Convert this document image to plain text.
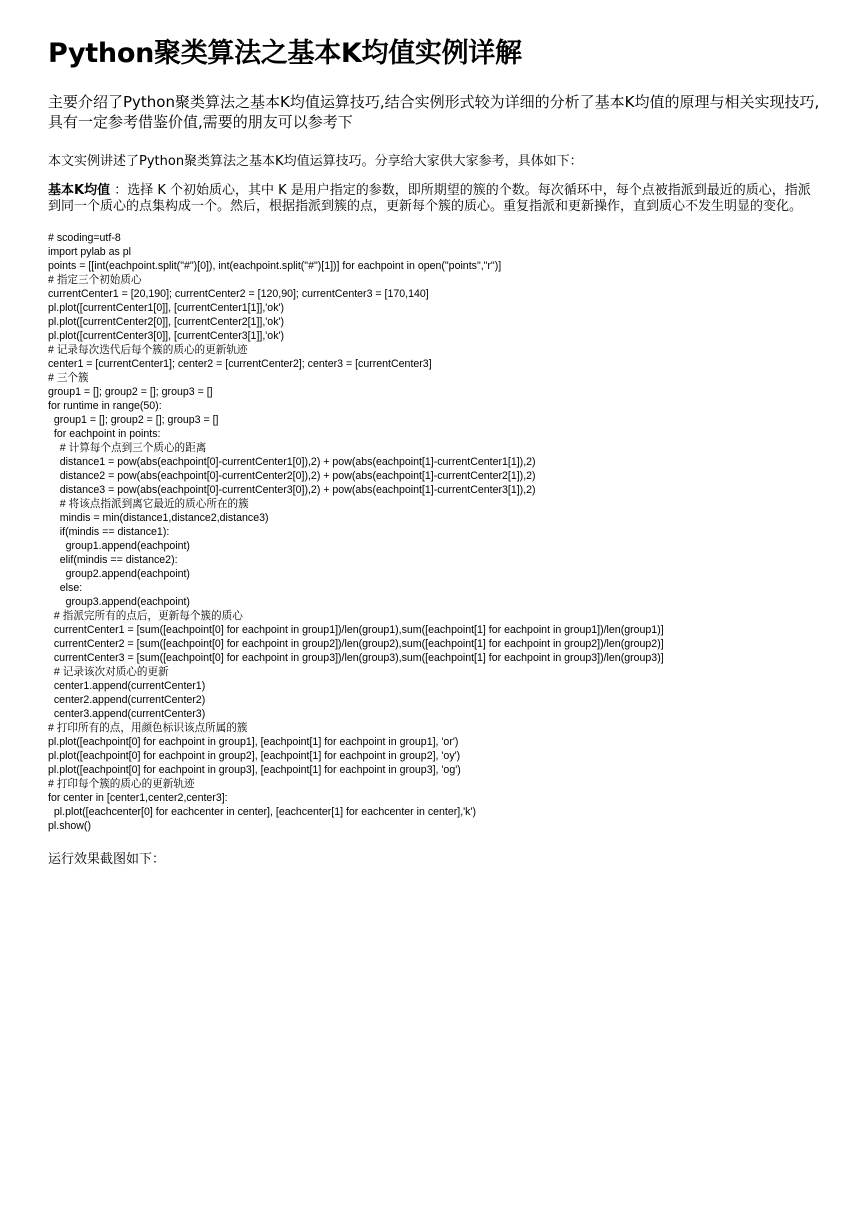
Python聚类算法之基本K均值实例详解

主要介绍了Python聚类算法之基本K均值运算技巧,结合实例形式较为详细的分析了基本K均值的原理与相关实现技巧,具有一定参考借鉴价值,需要的朋友可以参考下

本文实例讲述了Python聚类算法之基本K均值运算技巧。分享给大家供大家参考，具体如下：

基本K均值 ：选择 K 个初始质心，其中 K 是用户指定的参数，即所期望的簇的个数。每次循环中，每个点被指派到最近的质心，指派到同一个质心的点集构成一个。然后，根据指派到簇的点，更新每个簇的质心。重复指派和更新操作，直到质心不发生明显的变化。

# scoding=utf-8
import pylab as pl
points = [[int(eachpoint.split("#")[0]), int(eachpoint.split("#")[1])] for eachpoint in open("points","r")]
# 指定三个初始质心
currentCenter1 = [20,190]; currentCenter2 = [120,90]; currentCenter3 = [170,140]
pl.plot([currentCenter1[0]], [currentCenter1[1]],'ok')
pl.plot([currentCenter2[0]], [currentCenter2[1]],'ok')
pl.plot([currentCenter3[0]], [currentCenter3[1]],'ok')
# 记录每次迭代后每个簇的质心的更新轨迹
center1 = [currentCenter1]; center2 = [currentCenter2]; center3 = [currentCenter3]
# 三个簇
group1 = []; group2 = []; group3 = []
for runtime in range(50):
group1 = []; group2 = []; group3 = []
for eachpoint in points:
# 计算每个点到三个质心的距离
distance1 = pow(abs(eachpoint[0]-currentCenter1[0]),2) + pow(abs(eachpoint[1]-currentCenter1[1]),2)
distance2 = pow(abs(eachpoint[0]-currentCenter2[0]),2) + pow(abs(eachpoint[1]-currentCenter2[1]),2)
distance3 = pow(abs(eachpoint[0]-currentCenter3[0]),2) + pow(abs(eachpoint[1]-currentCenter3[1]),2)
# 将该点指派到离它最近的质心所在的簇
mindis = min(distance1,distance2,distance3)
if(mindis == distance1):
group1.append(eachpoint)
elif(mindis == distance2):
group2.append(eachpoint)
else:
group3.append(eachpoint)
# 指派完所有的点后，更新每个簇的质心
currentCenter1 = [sum([eachpoint[0] for eachpoint in group1])/len(group1),sum([eachpoint[1] for eachpoint in group1])/len(group1)]
currentCenter2 = [sum([eachpoint[0] for eachpoint in group2])/len(group2),sum([eachpoint[1] for eachpoint in group2])/len(group2)]
currentCenter3 = [sum([eachpoint[0] for eachpoint in group3])/len(group3),sum([eachpoint[1] for eachpoint in group3])/len(group3)]
# 记录该次对质心的更新
center1.append(currentCenter1)
center2.append(currentCenter2)
center3.append(currentCenter3)
# 打印所有的点，用颜色标识该点所属的簇
pl.plot([eachpoint[0] for eachpoint in group1], [eachpoint[1] for eachpoint in group1], 'or')
pl.plot([eachpoint[0] for eachpoint in group2], [eachpoint[1] for eachpoint in group2], 'oy')
pl.plot([eachpoint[0] for eachpoint in group3], [eachpoint[1] for eachpoint in group3], 'og')
# 打印每个簇的质心的更新轨迹
for center in [center1,center2,center3]:
pl.plot([eachcenter[0] for eachcenter in center], [eachcenter[1] for eachcenter in center],'k')
pl.show()

运行效果截图如下：
